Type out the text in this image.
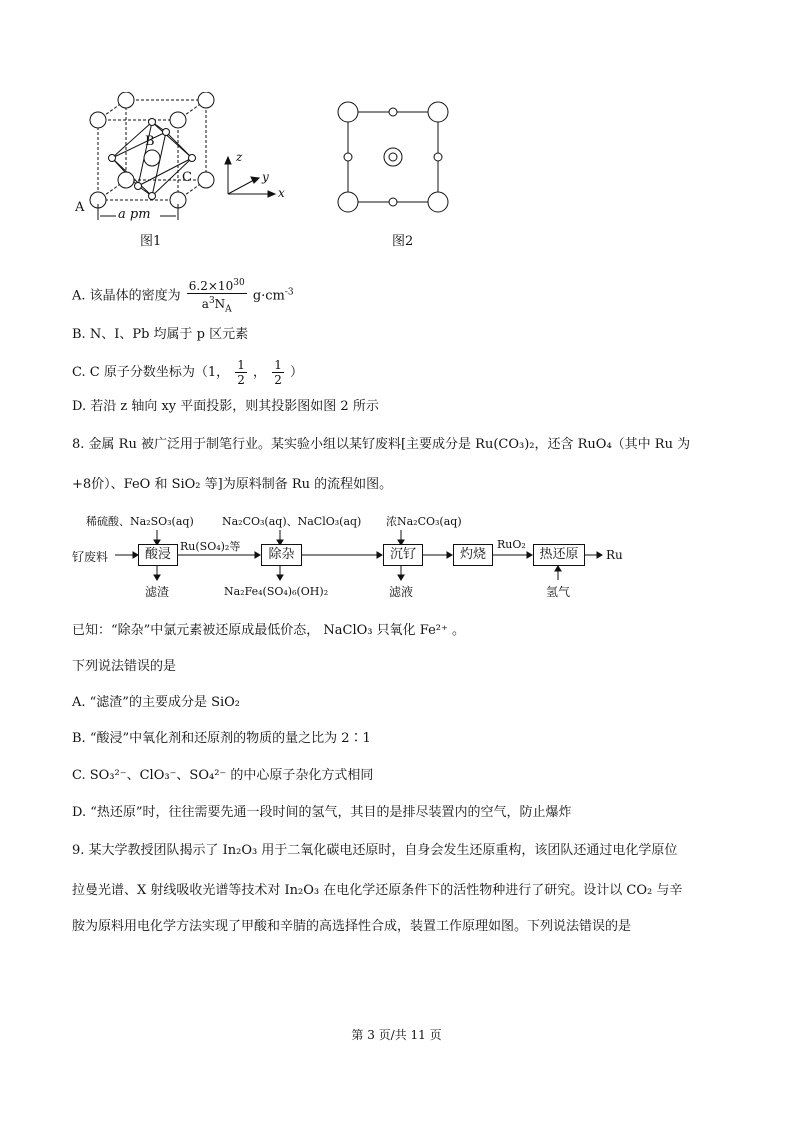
A
B
C
a pm
z
y
x
图1	图2
A. 该晶体的密度为 $\frac{6.2\times 10^{30}}{a^3N_A} g\cdot cm^{-3}$
B. N、I、Pb 均属于 p 区元素
C. C 原子分数坐标为（1， $\frac{1}{2}$ ， $\frac{1}{2}$ ）
D. 若沿 z 轴向 xy 平面投影，则其投影图如图 2 所示
8. 金属 Ru 被广泛用于制笔行业。某实验小组以某钌废料[主要成分是 Ru(CO₃)₂，还含 RuO₄（其中 Ru 为
+8价）、FeO 和 SiO₂ 等]为原料制备 Ru 的流程如图。
钌废料	酸浸	除杂	沉钌	灼烧	热还原	Ru
稀硫酸、Na₂SO₃(aq)	Na₂CO₃(aq)、NaClO₃(aq) 浓Na₂CO₃(aq)
Ru(SO₄)₂等	RuO₂
滤渣	Na₂Fe₄(SO₄)₆(OH)₂	滤液	氢气
已知：“除杂”中氯元素被还原成最低价态， NaClO₃ 只氧化 Fe²⁺ 。
下列说法错误的是
A. “滤渣”的主要成分是 SiO₂
B. “酸浸”中氧化剂和还原剂的物质的量之比为 2∶1
C. SO₃²⁻、ClO₃⁻、SO₄²⁻ 的中心原子杂化方式相同
D. “热还原”时，往往需要先通一段时间的氢气，其目的是排尽装置内的空气，防止爆炸
9. 某大学教授团队揭示了 In₂O₃ 用于二氧化碳电还原时，自身会发生还原重构，该团队还通过电化学原位
拉曼光谱、X 射线吸收光谱等技术对 In₂O₃ 在电化学还原条件下的活性物种进行了研究。设计以 CO₂ 与辛
胺为原料用电化学方法实现了甲酸和辛腈的高选择性合成，装置工作原理如图。下列说法错误的是
第 3 页/共 11 页
